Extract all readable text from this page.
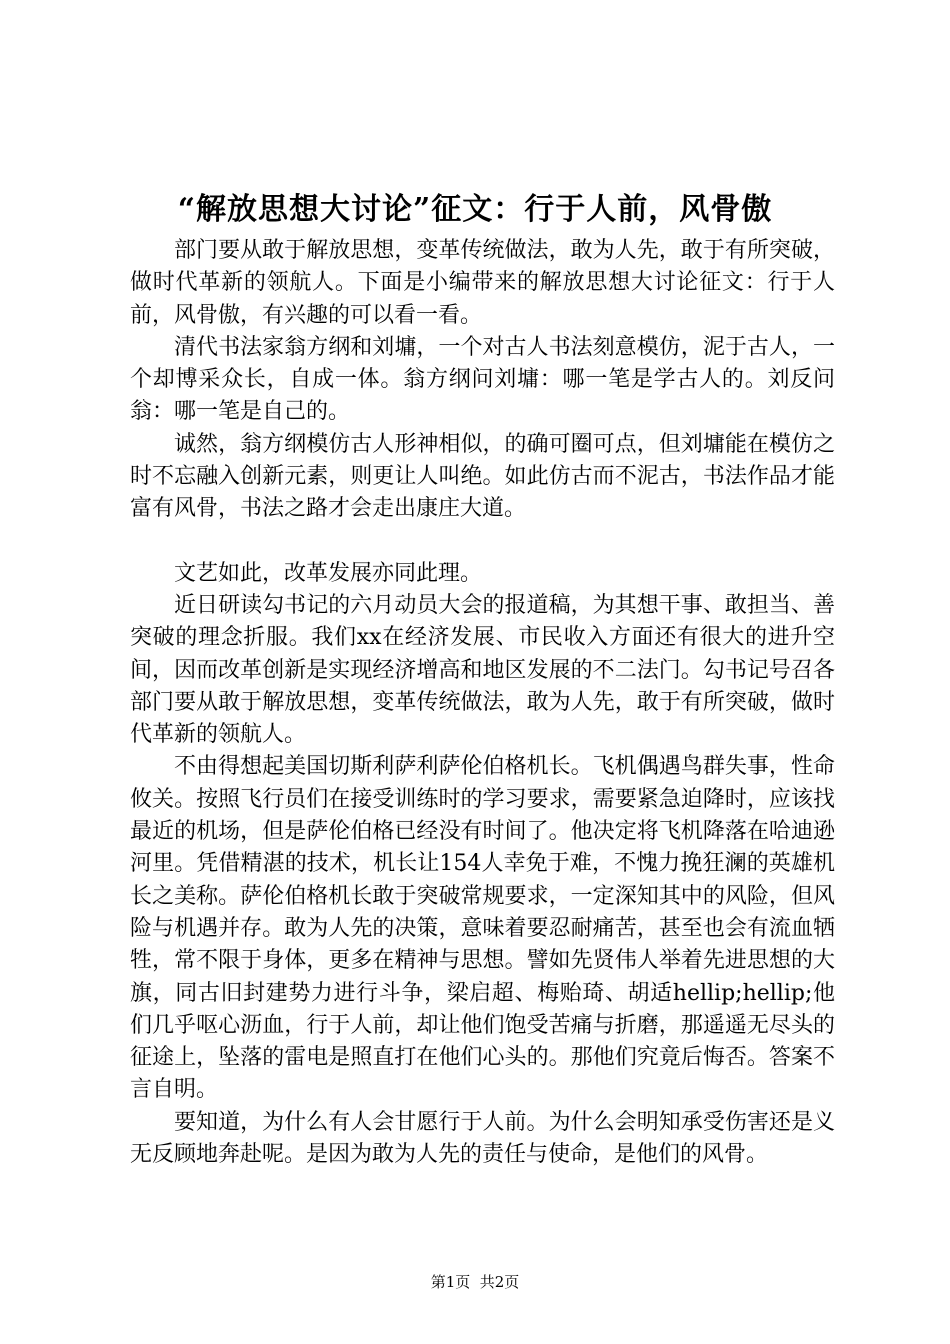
“解放思想大讨论”征文：行于人前，风骨傲

部门要从敢于解放思想，变革传统做法，敢为人先，敢于有所突破，做时代革新的领航人。下面是小编带来的解放思想大讨论征文：行于人前，风骨傲，有兴趣的可以看一看。

清代书法家翁方纲和刘墉，一个对古人书法刻意模仿，泥于古人，一个却博采众长，自成一体。翁方纲问刘墉：哪一笔是学古人的。刘反问翁：哪一笔是自己的。

诚然，翁方纲模仿古人形神相似，的确可圈可点，但刘墉能在模仿之时不忘融入创新元素，则更让人叫绝。如此仿古而不泥古，书法作品才能富有风骨，书法之路才会走出康庄大道。

文艺如此，改革发展亦同此理。

近日研读勾书记的六月动员大会的报道稿，为其想干事、敢担当、善突破的理念折服。我们xx在经济发展、市民收入方面还有很大的进升空间，因而改革创新是实现经济增高和地区发展的不二法门。勾书记号召各部门要从敢于解放思想，变革传统做法，敢为人先，敢于有所突破，做时代革新的领航人。

不由得想起美国切斯利萨利萨伦伯格机长。飞机偶遇鸟群失事，性命攸关。按照飞行员们在接受训练时的学习要求，需要紧急迫降时，应该找最近的机场，但是萨伦伯格已经没有时间了。他决定将飞机降落在哈迪逊河里。凭借精湛的技术，机长让154人幸免于难，不愧力挽狂澜的英雄机长之美称。萨伦伯格机长敢于突破常规要求，一定深知其中的风险，但风险与机遇并存。敢为人先的决策，意味着要忍耐痛苦，甚至也会有流血牺牲，常不限于身体，更多在精神与思想。譬如先贤伟人举着先进思想的大旗，同古旧封建势力进行斗争，梁启超、梅贻琦、胡适hellip;hellip;他们几乎呕心沥血，行于人前，却让他们饱受苦痛与折磨，那遥遥无尽头的征途上，坠落的雷电是照直打在他们心头的。那他们究竟后悔否。答案不言自明。

要知道，为什么有人会甘愿行于人前。为什么会明知承受伤害还是义无反顾地奔赴呢。是因为敢为人先的责任与使命，是他们的风骨。

第1页  共2页
